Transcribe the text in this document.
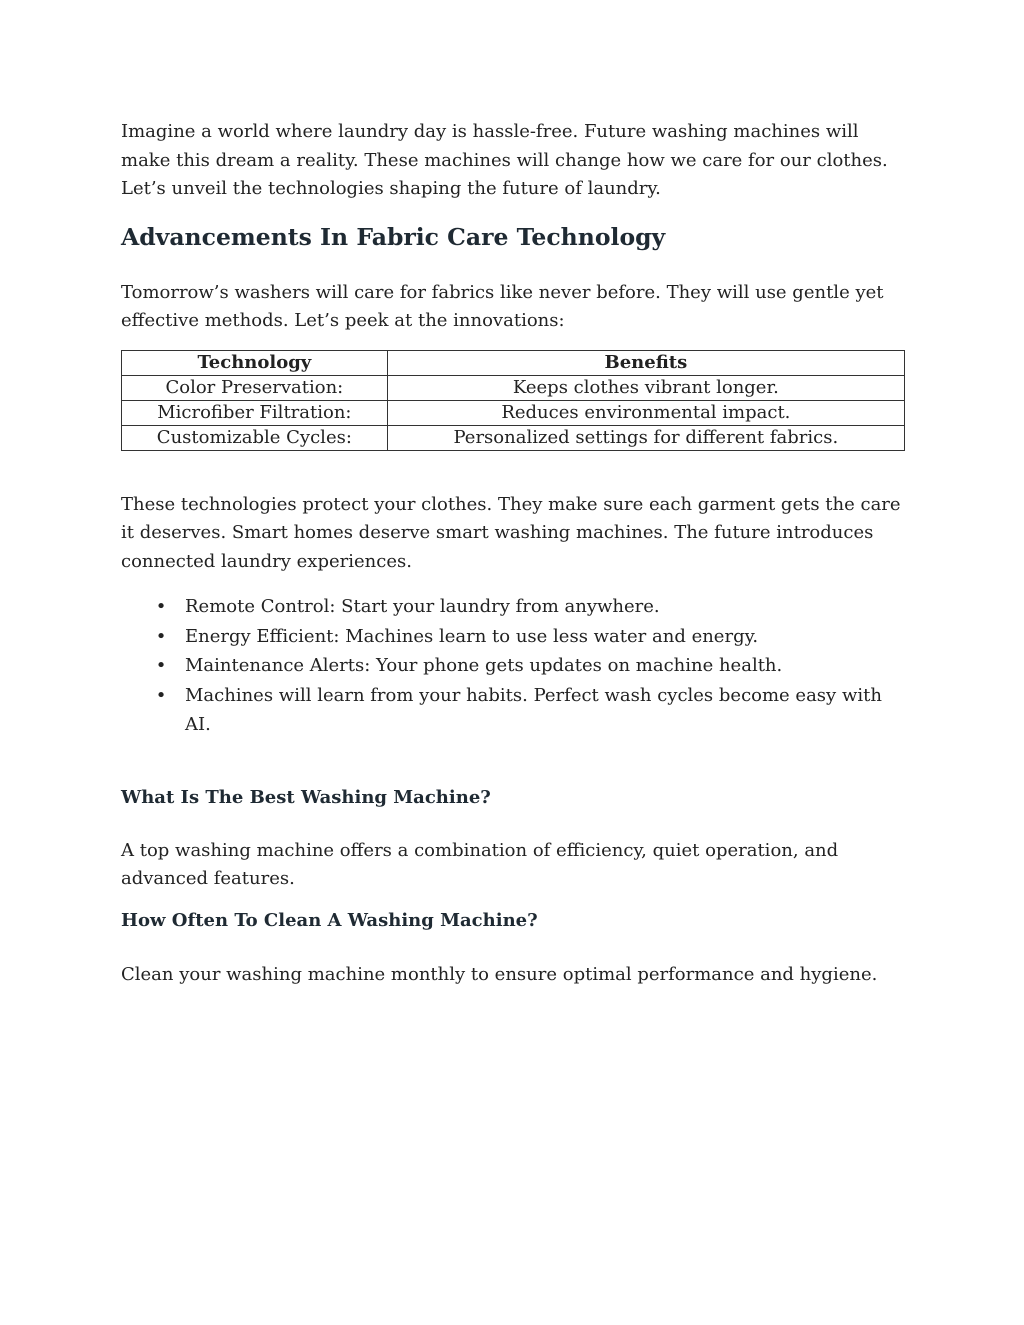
Imagine a world where laundry day is hassle-free. Future washing machines will make this dream a reality. These machines will change how we care for our clothes. Let’s unveil the technologies shaping the future of laundry.

Advancements In Fabric Care Technology

Tomorrow’s washers will care for fabrics like never before. They will use gentle yet effective methods. Let’s peek at the innovations:

Technology	Benefits
Color Preservation:	Keeps clothes vibrant longer.
Microfiber Filtration:	Reduces environmental impact.
Customizable Cycles:	Personalized settings for different fabrics.

These technologies protect your clothes. They make sure each garment gets the care it deserves. Smart homes deserve smart washing machines. The future introduces connected laundry experiences.

• Remote Control: Start your laundry from anywhere.
• Energy Efficient: Machines learn to use less water and energy.
• Maintenance Alerts: Your phone gets updates on machine health.
• Machines will learn from your habits. Perfect wash cycles become easy with AI.
What Is The Best Washing Machine?

A top washing machine offers a combination of efficiency, quiet operation, and advanced features.

How Often To Clean A Washing Machine?

Clean your washing machine monthly to ensure optimal performance and hygiene.
